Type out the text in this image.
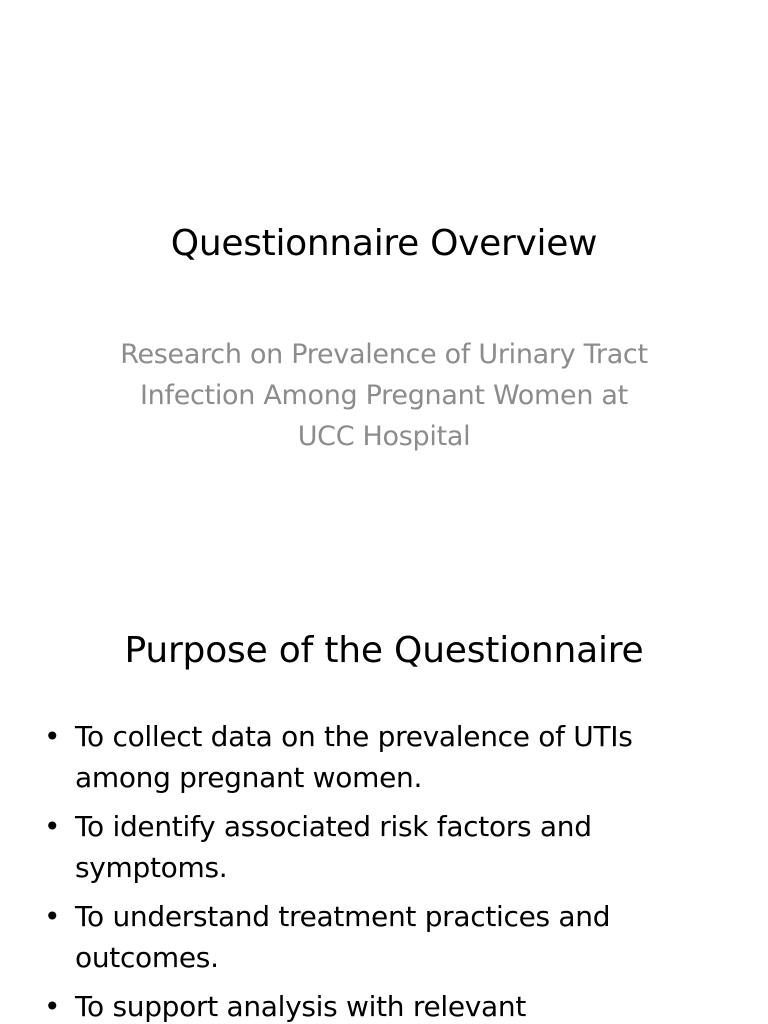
Questionnaire Overview
Research on Prevalence of Urinary Tract Infection Among Pregnant Women at UCC Hospital
Purpose of the Questionnaire
• To collect data on the prevalence of UTIs among pregnant women.
• To identify associated risk factors and symptoms.
• To understand treatment practices and outcomes.
• To support analysis with relevant
